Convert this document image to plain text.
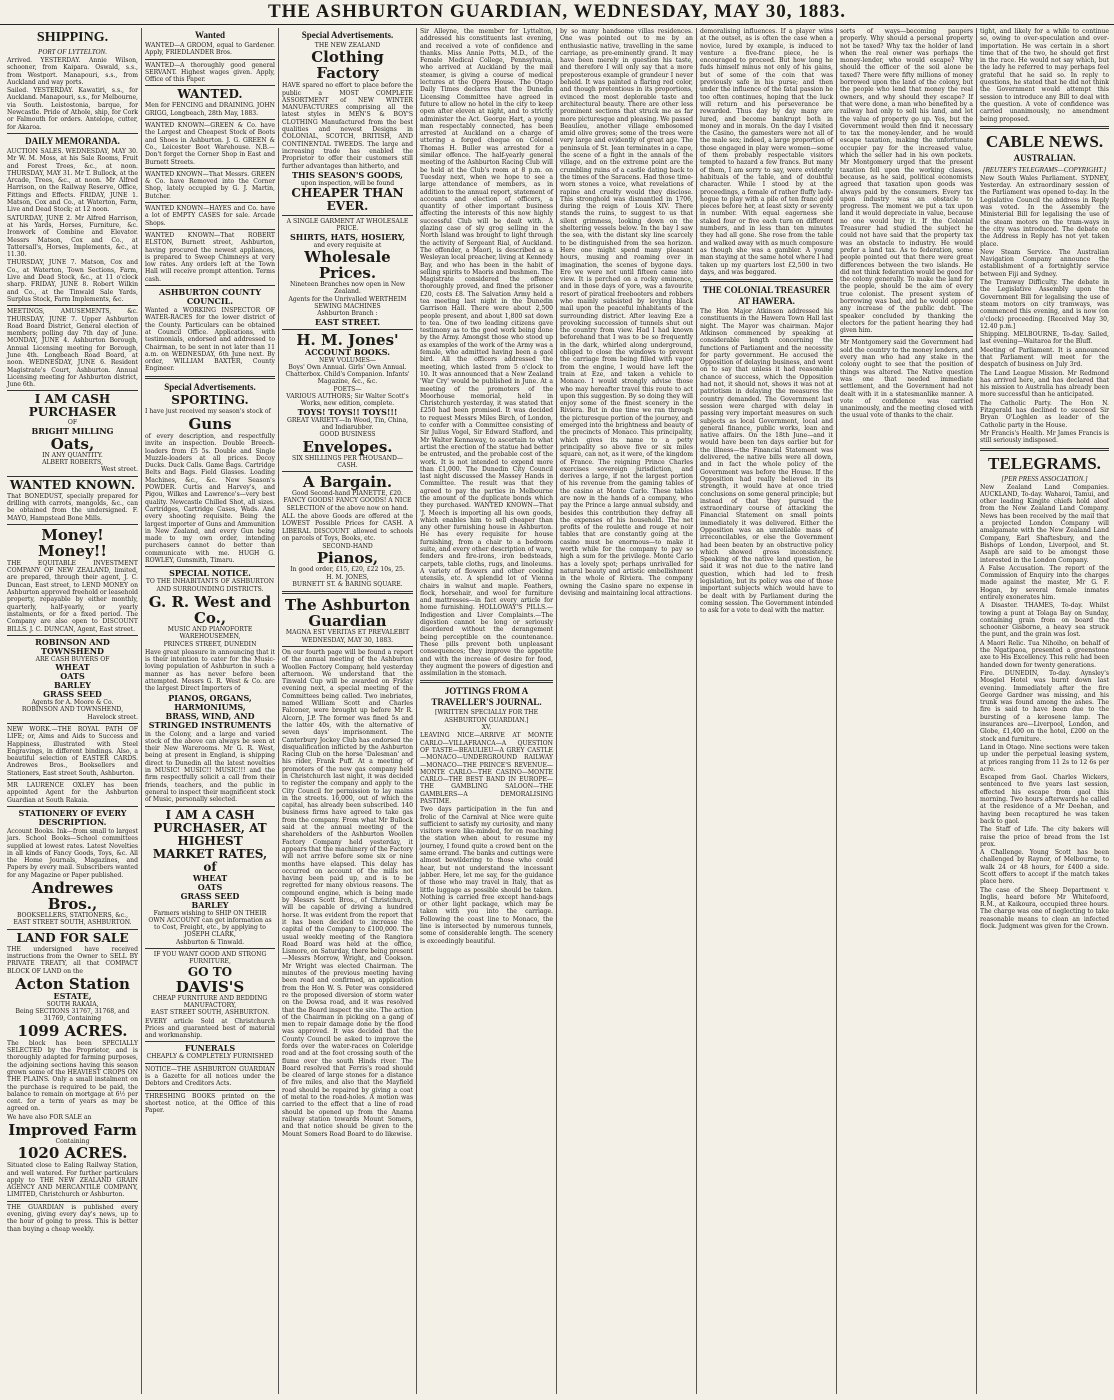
THE ASHBURTON GUARDIAN, WEDNESDAY, MAY 30, 1883.
SHIPPING.
PORT OF LYTTELTON.
Arrived. YESTERDAY. Annie Wilson, schooner, from Kaipara. Oswald, s.s., from Westport. Manapouri, s.s., from Auckland and way ports.
Sailed. YESTERDAY. Kawatiri, s.s., for Auckland. Manapouri, s.s., for Melbourne, via South. Leistostonia, barque, for Newcastle. Pride of Athole, ship, for Cork or Falmouth for orders. Antelope, cutter, for Akaroa.
DAILY MEMORANDA.
AUCTION SALES. WEDNESDAY, MAY 30. Mr W. M. Moss, at his Sale Rooms, Fruit and Forest Trees, &c., at noon. THURSDAY, MAY 31. Mr T. Bullock, at the Arcade, Trees, &c., at noon. Mr Alfred Harrison, on the Railway Reserve, Office, Fittings and Effects. FRIDAY, JUNE 1. Matson, Cox and Co., at Waterton, Farm, Live and Dead Stock; at 12 noon.
SATURDAY, JUNE 2. Mr Alfred Harrison, at his Yards, Horses, Furniture, &c. Ironwork of Combine and Elevator. Messrs Matson, Cox and Co., at Tattersall's, Horses, Implements, &c., at 11.30.
THURSDAY, JUNE 7. Matson, Cox and Co., at Waterton, Town Sections, Farm, Live and Dead Stock, &c., at 11 o'clock sharp. FRIDAY, JUNE 8. Robert Wilkin and Co., at the Tinwald Sale Yards, Surplus Stock, Farm Implements, &c.
MEETINGS, AMUSEMENTS, &c. THURSDAY, JUNE 7. Upper Ashburton Road Board District, General election of members; polling day 7th day of June. MONDAY, JUNE 4. Ashburton Borough, Annual Licensing meeting for Borough, June 4th. Longbeach Road Board, at noon. WEDNESDAY, JUNE 6. Resident Magistrate's Court, Ashburton. Annual Licensing meeting for Ashburton district, June 6th.
I AM CASH PURCHASER
OF
BRIGHT MILLING
Oats,
IN ANY QUANTITY.
ALBERT ROBERTS,
West street.
WANTED KNOWN.
That BONEDUST, specially prepared for drilling with carrots, mangolds, &c., can be obtained from the undersigned. F. MAYO, Hampstead Bone Mills.
Money! Money!!
THE EQUITABLE INVESTMENT COMPANY OF NEW ZEALAND, limited, are prepared, through their agent, J. C. Duncan, East street, to LEND MONEY on Ashburton approved freehold or leasehold property, repayable by either monthly, quarterly, half-yearly, or yearly instalments, or for a fixed period. The Company are also open to DISCOUNT BILLS. J. C. DUNCAN, Agent, East street.
ROBINSON AND TOWNSHEND
ARE CASH BUYERS OF
WHEAT
OATS
BARLEY
GRASS SEED
Agents for A. Moore & Co.
ROBINSON AND TOWNSHEND,
Havelock street.
NEW WORK.—THE ROYAL PATH OF LIFE; or, Aims and Aids to Success and Happiness, illustrated with Steel Engravings, in different bindings. Also, a beautiful selection of EASTER CARDS. Andrewes Bros., Booksellers and Stationers, East street South, Ashburton.
MR LAURENCE OXLEY has been appointed Agent for the Ashburton Guardian at South Rakaia.
STATIONERY OF EVERY DESCRIPTION.
Account Books. Ink—from small to largest jars. School Books—School committees supplied at lowest rates. Latest Novelties in all kinds of Fancy Goods, Toys, &c. All the Home Journals, Magazines, and Papers by every mail. Subscribers wanted for any Magazine or Paper published.
Andrewes Bros.,
BOOKSELLERS, STATIONERS, &c.,
EAST STREET SOUTH, ASHBURTON.
LAND FOR SALE
THE undersigned have received instructions from the Owner to SELL BY PRIVATE TREATY, all that COMPACT BLOCK OF LAND on the
Acton Station
ESTATE,
SOUTH RAKAIA,
Being SECTIONS 31767, 31768, and 31769, Containing
1099 ACRES.
The block has been SPECIALLY SELECTED by the Proprietor, and is thoroughly adapted for farming purposes, the adjoining sections having this season grown some of the HEAVIEST CROPS ON THE PLAINS. Only a small instalment on the purchase is required to be paid, the balance to remain on mortgage at 6½ per cent. for a term of years as may be agreed on.
We have also FOR SALE an
Improved Farm
Containing
1020 ACRES.
Situated close to Ealing Railway Station, and well watered. For further particulars apply to THE NEW ZEALAND GRAIN AGENCY AND MERCANTILE COMPANY, LIMITED, Christchurch or Ashburton.
THE GUARDIAN is published every evening, giving every day's news, up to the hour of going to press. This is better than buying a cheap weekly.
Wanted
WANTED—A GROOM, equal to Gardener. Apply, FRIEDLANDER Bros.
WANTED—A thoroughly good general SERVANT. Highest wages given. Apply, Office of this Paper.
WANTED.
Men for FENCING and DRAINING. JOHN GRIGG, Longbeach, 28th May, 1883.
WANTED KNOWN—GREEN & Co. have the Largest and Cheapest Stock of Boots and Shoes in Ashburton. J. G. GREEN & Co., Leicester Boot Warehouse. N.B.—Don't forget the Corner Shop in East and Burnett Streets.
WANTED KNOWN—That Messrs. GREEN & Co. have Removed into the Corner Shop, lately occupied by G. J. Martin, Butcher.
WANTED KNOWN—HAYES and Co. have a lot of EMPTY CASES for sale. Arcade Shops.
WANTED KNOWN—That ROBERT ELSTON, Burnett street, Ashburton, having procured the newest appliances, is prepared to Sweep Chimneys at very low rates. Any orders left at the Town Hall will receive prompt attention. Terms cash.
ASHBURTON COUNTY COUNCIL.
Wanted a WORKING INSPECTOR OF WATER-RACES for the lower district of the County. Particulars can be obtained at Council Office. Applications, with testimonials, endorsed and addressed to Chairman, to be sent in not later than 11 a.m. on WEDNESDAY, 6th June next. By order, WILLIAM BAXTER, County Engineer.
Special Advertisements.
SPORTING.
I have just received my season's stock of
Guns
of every description, and respectfully invite an inspection. Double Breech-loaders from £5 5s. Double and Single Muzzle-loaders at all prices. Decoy Ducks. Duck Calls. Game Bags. Cartridge Belts and Bags. Field Glasses. Loading Machines, &c., &c. New Season's POWDER. Curtis and Harvey's, and Pigou, Wilkes and Lawrence's—very best quality. Newcastle Chilled Shot, all sizes. Cartridges, Cartridge Cases, Wads. And every shooting requisite. Being the largest importer of Guns and Ammunition in New Zealand, and every Gun being made to my own order, intending purchasers cannot do better than communicate with me. HUGH G. ROWLEY, Gunsmith, Timaru.
SPECIAL NOTICE.
TO THE INHABITANTS OF ASHBURTON AND SURROUNDING DISTRICTS.
G. R. West and Co.,
MUSIC AND PIANOFORTE WAREHOUSEMEN,
PRINCES STREET, DUNEDIN
Have great pleasure in announcing that it is their intention to cater for the Music-loving population of Ashburton in such a manner as has never before been attempted. Messrs G. R. West & Co. are the largest Direct Importers of
PIANOS, ORGANS, HARMONIUMS,
BRASS, WIND, AND STRINGED INSTRUMENTS
in the Colony, and a large and varied stock of the above can always be seen at their New Warerooms. Mr G. R. West, being at present in England, is shipping direct to Dunedin all the latest novelties in MUSIC! MUSIC!! MUSIC!!! and the firm respectfully solicit a call from their friends, teachers, and the public in general to inspect their magnificent stock of Music, personally selected.
I AM A CASH PURCHASER, AT HIGHEST MARKET RATES, of
WHEAT
OATS
GRASS SEED
BARLEY
Farmers wishing to SHIP ON THEIR OWN ACCOUNT can get information as to Cost, Freight, etc., by applying to
JOSEPH CLARK,
Ashburton & Tinwald.
IF YOU WANT GOOD AND STRONG FURNITURE,
GO TO
DAVIS'S
CHEAP FURNITURE AND BEDDING MANUFACTORY,
EAST STREET SOUTH, ASHBURTON.
EVERY article Sold at Christchurch Prices and guaranteed best of material and workmanship.
FUNERALS
CHEAPLY & COMPLETELY FURNISHED
NOTICE—THE ASHBURTON GUARDIAN is a Gazette for all notices under the Debtors and Creditors Acts.
THRESHING BOOKS printed on the shortest notice, at the Office of this Paper.
Special Advertisements.
THE NEW ZEALAND
Clothing Factory
HAVE spared no effort to place before the public a MOST COMPLETE ASSORTMENT of NEW WINTER MANUFACTURES comprising all the latest styles in MEN'S & BOY'S CLOTHING Manufactured from the best qualities and newest Designs in COLONIAL, SCOTCH, BRITISH, AND CONTINENTAL TWEEDS. The large and increasing trade has enabled the Proprietor to offer their customers still further advantages than hitherto, and
THIS SEASON'S GOODS,
upon inspection, will be found
CHEAPER THAN EVER.
A SINGLE GARMENT AT WHOLESALE PRICE.
SHIRTS, HATS, HOSIERY,
and every requisite at
Wholesale Prices.
Nineteen Branches now open in New Zealand.
Agents for the Unrivalled WERTHEIM SEWING MACHINES
Ashburton Branch :
EAST STREET.
H. M. Jones'
ACCOUNT BOOKS.
NEW VOLUMES—
Boys' Own Annual. Girls' Own Annual. Chatterbox. Child's Companion. Infants' Magazine, &c., &c.
POETS—
VARIOUS AUTHORS; Sir Walter Scott's Works, new edition, complete.
TOYS! TOYS!! TOYS!!!
GREAT VARIETY—In Wood, Tin, China, and Indiarubber.
GOOD BUSINESS
Envelopes.
SIX SHILLINGS PER THOUSAND—CASH.
A Bargain.
Good Second-hand PIANETTE, £20.
FANCY GOODS! FANCY GOODS! A NICE SELECTION of the above now on hand.
ALL the above Goods are offered at the LOWEST Possible Prices for CASH. A LIBERAL DISCOUNT allowed to schools on parcels of Toys, Books, etc.
SECOND-HAND
Pianos,
In good order, £15, £20, £22 10s, 25.
H. M. JONES,
BURNETT ST. & BARING SQUARE.
The Ashburton Guardian
MAGNA EST VERITAS ET PREVALEBIT
WEDNESDAY, MAY 30, 1883.
On our fourth page will be found a report of the annual meeting of the Ashburton Woollen Factory Company, held yesterday afternoon. We understand that the Tinwald Cup will be awarded on Friday evening next, a special meeting of the Committees being called. Two inebriates, named William Scott and Charles Falconer, were brought up before Mr R. Alcorn, J.P. The former was fined 5s and the latter 40s, with the alternative of seven days' imprisonment. The Canterbury Jockey Club has endorsed the disqualification inflicted by the Ashburton Racing Club on the horse 'Dalesman' and his rider, Frank Puff. At a meeting of promoters of the new gas company held in Christchurch last night, it was decided to register the company and apply to the City Council for permission to lay mains in the streets. 16,000, out of which the capital, has already been subscribed. 140 business firms have agreed to take gas from the company. From what Mr Bullock said at the annual meeting of the shareholders of the Ashburton Woollen Factory Company held yesterday, it appears that the machinery of the Factory will not arrive before some six or nine months have elapsed. This delay has occurred on account of the mills not having been paid up, and is to be regretted for many obvious reasons. The compound engine, which is being made by Messrs Scott Bros., of Christchurch, will be capable of driving a hundred horse. It was evident from the report that it has been decided to increase the capital of the Company to £100,000. The usual weekly meeting of the Rangiora Road Board was held at the office, Lismore, on Saturday, there being present—Messrs Morrow, Wright, and Cookson. Mr Wright was elected Chairman. The minutes of the previous meeting having been read and confirmed, an application from the Hon W. S. Peter was considered re the proposed diversion of storm water on the Dowsa road, and it was resolved that the Board inspect the site. The action of the Chairman in picking on a gang of men to repair damage done by the flood was approved. It was decided that the County Council be asked to improve the fords over the water-races on Coleridge road and at the foot crossing south of the flume over the south Hinds river. The Board resolved that Ferris's road should be cleared of large stones for a distance of five miles, and also that the Mayfield road should be repaired by giving a coat of metal to the road-holes. A motion was carried to the effect that a line of road should be opened up from the Anama railway station towards Mount Somers, and that notice should be given to the Mount Somers Road Board to do likewise.
Sir Alleyne, the member for Lyttelton, addressed his constituents last evening, and received a vote of confidence and thanks. Miss Annie Potts, M.D., of the Female Medical College, Pennsylvania, who arrived at Auckland by the mail steamer, is giving a course of medical lectures at the Opera House. The Otago Daily Times declares that the Dunedin Licensing Committee have agreed in future to allow no hotel in the city to keep open after eleven at night, and to strictly administer the Act. George Hart, a young man respectably connected, has been arrested at Auckland on a charge of uttering a forged cheque on Colonel Thomas H. Buller was arrested for a similar offence. The half-yearly general meeting of the Ashburton Racing Club will be held at the Club's room at 8 p.m. on Tuesday next, when we hope to see a large attendance of members, as in addition to the annual report, statement of accounts and election of officers, a quantity of other important business affecting the interests of this now highly successful Club will be dealt with. A glazing case of sly grog selling in the North Island was brought to light through the activity of Sergeant Rial, of Auckland. The offender, a Maori, is described as a Wesleyan local preacher, living at Kennedy Bay, and who has been in the habit of selling spirits to Maoris and bushmen. The Magistrate considered the offence thoroughly proved, and fined the prisoner £20, costs £8. The Salvation Army held a tea meeting last night in the Dunedin Garrison Hall. There were about 2,500 people present, and about 1,800 sat down to tea. One of two leading citizens gave testimony as to the good work being done by the Army. Amongst those who stood up as examples of the work of the Army was a female, who admitted having been a gaol bird. All the officers addressed the meeting, which lasted from 5 o'clock to 10. It was announced that a New Zealand 'War Cry' would be published in June. At a meeting of the promoters of the Moorhouse memorial, held in Christchurch yesterday, it was stated that £250 had been promised. It was decided to request Messrs Miles Birch, of London, to confer with a Committee consisting of Sir Julius Vogel, Sir Edward Stafford, and Mr Walter Kennaway, to ascertain to what artist the erection of the statue had better be entrusted, and the probable cost of the work. It is not intended to expend more than £1,000. The Dunedin City Council last night discussed the Massey Hands in Committee. The result was that they agreed to pay the parties in Melbourne the amount of the duplicate bonds which they purchased. WANTED KNOWN—That 'J. Meech is importing all his own goods, which enables him to sell cheaper than any other furnishing house in Ashburton. He has every requisite for house furnishing, from a chair to a bedroom suite, and every other description of ware, fenders and fire-irons, iron bedsteads, carpets, table cloths, rugs, and linoleums. A variety of flowers and other cooking utensils, etc. A splendid lot of Vienna chairs in walnut and maple. Feathers, flock, horsehair, and wool for furniture and mattresses—in fact every article for home furnishing. HOLLOWAY'S PILLS.—Indigestion and Liver Complaints.—The digestion cannot be long or seriously disordered without the derangement being perceptible on the countenance. These pills prevent both unpleasant consequences; they improve the appetite and with the increase of desire for food, they augment the powers of digestion and assimilation in the stomach.
JOTTINGS FROM A TRAVELLER'S JOURNAL.
[WRITTEN SPECIALLY FOR THE ASHBURTON GUARDIAN.]
XV.
LEAVING NICE—ARRIVE AT MONTE CARLO—VILLAFRANCA—A QUESTION OF TASTE—BEAULIEU—A GREY CASTLE—MONACO—UNDERGROUND RAILWAY—MONACO—THE PRINCE'S REVENUE—MONTE CARLO—THE CASINO—MONTE CARLO—THE BEST BAND IN EUROPE—THE GAMBLING SALOON—THE GAMBLERS—A DEMORALISING PASTIME.
Two days participation in the fun and frolic of the Carnival at Nice were quite sufficient to satisfy my curiosity, and many visitors were like-minded, for on reaching the station when about to resume my journey, I found quite a crowd bent on the same errand. The banks and cuttings were almost bewildering to those who could hear, but not understand the incessant jabber. Here, let me say, for the guidance of those who may travel in Italy, that as little luggage as possible should be taken. Nothing is carried free except hand-bags or other light package, which may be taken with you into the carriage. Following the coast line to Monaco, the line is intersected by numerous tunnels, some of considerable length. The scenery is exceedingly beautiful.
by so many handsome villas residences. One was pointed out to me by an enthusiastic native, travelling in the same carriage, as pre-eminently grand. It may have been merely in question his taste, and therefore I will only say that a more preposterous example of grandeur I never beheld. It was painted a flaring red color, and though pretentious in its proportions, evinced the most deplorable taste and architectural beauty. There are other less prominent sections that struck me as far more picturesque and pleasing. We passed Beaulieu, another village embosomed amid olive groves; some of the trees were very large and evidently of great age. The peninsula of St. Jean terminates in a cape, the scene of a fight in the annals of the village, and on the extreme point are the crumbling ruins of a castle dating back to the times of the Saracens. Had those time-worn stones a voice, what revelations of rapine and cruelty would they disclose. This stronghold was dismantled in 1706, during the reign of Louis XIV. There stands the ruins, to suggest to us that silent grimness, looking down on the sheltering vessels below. In the bay I saw the sea, with the distant sky line scarcely to be distinguished from the sea horizon. Here one might spend many pleasant hours, musing and roaming over in imagination, the scenes of bygone days. Ere we were not until fifteen came into view. It is perched on a rocky eminence, and in those days of yore, was a favourite resort of piratical freebooters and robbers who mainly subsisted by levying black mail upon the peaceful inhabitants of the surrounding district. After leaving Eze a provoking succession of tunnels shut out the country from view. Had I had known beforehand that I was to be so frequently in the dark, whirled along underground, obliged to close the windows to prevent the carriage from being filled with vapor from the engine, I would have left the train at Eze, and taken a vehicle to Monaco. I would strongly advise those who may hereafter travel this route to act upon this suggestion. By so doing they will enjoy some of the finest scenery in the Riviera. But in due time we ran through the picturesque portion of the journey, and emerged into the brightness and beauty of the precincts of Monaco. This principality, which gives its name to a petty principality so above five or six miles square, can not, as it were, of the kingdom of France. The reigning Prince Charles exercises sovereign jurisdiction, and derives a large, if not the largest portion of his revenue from the gaming tables of the casino at Monte Carlo. These tables are now in the hands of a company, who pay the Prince a large annual subsidy, and besides this contribution they defray all the expenses of his household. The net profits of the roulette and rouge et noir tables that are constantly going at the casino must be enormous—to make it worth while for the company to pay so high a sum for the privilege. Monte Carlo has a lovely spot; perhaps unrivalled for natural beauty and artistic embellishment in the whole of Riviera. The company owning the Casino spare no expense in devising and maintaining local attractions.
demoralising influences. If a player wins at the outset, as is often the case when a novice, lured by example, is induced to venture a five-franc piece, he is encouraged to proceed. But how long he fuds himself minus not only of his gains, but of some of the coin that was previously safe in his purse; and then under the influence of the fatal passion he too often continues, hoping that the luck will return and his perseverance be rewarded. Thus day by day many are lured, and become bankrupt both in money and in morals. On the day I visited the Casino, the gamesters were not all of the male sex; indeed, a large proportion of those engaged in play were women—some of them probably respectable visitors tempted to hazard a few francs. But many of them, I am sorry to say, were evidently habituals of the table, and of doubtful character. While I stood by at the proceedings, a female of rather fluffy lady-hogue to play with a pile of ten franc gold pieces before her, at least sixty or seventy in number. With equal eagerness she staked four or five each turn on different numbers, and in less than ten minutes they had all gone. She rose from the table and walked away with as much composure as though she was a gambler. A young man staying at the same hotel where I had taken up my quarters lost £2,500 in two days, and was beggared.
THE COLONIAL TREASURER AT HAWERA.
The Hon Major Atkinson addressed his constituents in the Hawera Town Hall last night. The Mayor was chairman. Major Atkinson commenced by speaking at considerable length concerning the functions of Parliament and the necessity for party government. He accused the Opposition of delaying business, and went on to say that unless it had reasonable chance of success, which the Opposition had not, it should not, shows it was not at patriotism in delaying the measures the country demanded. The Government last session were charged with delay in passing very important measures on such subjects as local Government, local and general finance, public works, loan and native affairs. On the 18th June—and it would have been ten days earlier but for the illness—the Financial Statement was delivered, the native bills were all down, and in fact the whole policy of the Government was before the House. If the Opposition had really believed in its strength, it would have at once tried conclusions on some general principle; but instead of that they pursued the extraordinary course of attacking the Financial Statement on small points immediately it was delivered. Either the Opposition was an unreliable mass of irreconcilables, or else the Government had been beaten by an obstructive policy which showed gross inconsistency. Speaking of the native land question, he said it was not due to the native land question, which had led to fresh legislation, but its policy was one of those important subjects which would have to be dealt with by Parliament during the coming session. The Government intended to ask for a vote to deal with the matter.
sorts of ways—becoming paupers properly. Why should a personal property not be taxed? Why tax the holder of land when the real owner was perhaps the money-lender, who would escape? Why should the officer of the soil alone be taxed? There were fifty millions of money borrowed upon the land of the colony, but the people who lend that money the real owners, and why should they escape? If that were done, a man who benefited by a railway had only to sell his land, and let the value of property go up. Yes, but the Government would then find it necessary to tax the money-lender, and he would escape taxation, making the unfortunate occupier pay for the increased value, which the seller had in his own pockets. Mr Montgomery urged that the present taxation fell upon the working classes, because, as he said, political economists agreed that taxation upon goods was always paid by the consumers. Every tax upon industry was an obstacle to progress. The moment we put a tax upon land it would depreciate in value, because no one would buy it. If the Colonial Treasurer had studied the subject he could not have said that the property tax was an obstacle to industry. He would prefer a land tax. As to federation, some people pointed out that there were great differences between the two islands. He did not think federation would be good for the colony generally. To make the land for the people, should be the aim of every true colonist. The present system of borrowing was bad, and he would oppose any increase of the public debt. The speaker concluded by thanking the electors for the patient hearing they had given him.
Mr Montgomery said the Government had sold the country to the money lenders, and every man who had any stake in the colony ought to see that the position of things was altered. The Native question was one that needed immediate settlement, and the Government had not dealt with it in a statesmanlike manner. A vote of confidence was carried unanimously, and the meeting closed with the usual vote of thanks to the chair.
tight, and likely for a while to continue so, owing to over-speculation and over-importation. He was certain in a short time that of the two, he should get first in the race. He would not say which, but the lady he referred to may perhaps feel grateful that he said so. In reply to questions, he stated that he did not think the Government would attempt this session to introduce any Bill to deal with the question. A vote of confidence was carried unanimously, no amendment being proposed.
CABLE NEWS.
AUSTRALIAN.
[REUTER'S TELEGRAMS—COPYRIGHT.]
New South Wales Parliament. SYDNEY, Yesterday. An extraordinary session of the Parliament was opened to-day. In the Legislative Council the address in Reply was voted. In the Assembly the Ministerial Bill for legalising the use of the steam motors on the tram-ways in the city was introduced. The debate on the Address in Reply has not yet taken place.
New Steam Service. The Australian Navigation Company announce the establishment of a fortnightly service between Fiji and Sydney.
The Tramway Difficulty. The debate in the Legislative Assembly upon the Government Bill for legalising the use of steam motors on city tramways, was commenced this evening, and is now (on o'clock) proceeding. [Received May 30, 12.40 p.m.]
Shipping. MELBOURNE, To-day. Sailed, last evening—Waitaroa for the Bluff.
Meeting of Parliament. It is announced that Parliament will meet for the despatch of business on July 3rd.
The Land League Mission. Mr Redmond has arrived here, and has declared that his mission to Australia has already been more successful than he anticipated.
The Catholic Party. The Hon N. Fitzgerald has declined to succeed Sir Bryan O'Loghlen as leader of the Catholic party in the House.
Mr Francis's Health. Mr James Francis is still seriously indisposed.
TELEGRAMS.
[PER PRESS ASSOCIATION.]
New Zealand Land Companies. AUCKLAND, To-day. Waharoi, Tamui, and other leading Kingite chiefs hold aloof from the New Zealand Land Company. News has been received by the mail that a projected London Company will amalgamate with the New Zealand Land Company, Earl Shaftesbury, and the Bishops of London, Liverpool, and St. Asaph are said to be amongst those interested in the London Company.
A False Accusation. The report of the Commission of Enquiry into the charges made against the master, Mr G. F. Hogan, by several female inmates entirely exonerates him.
A Disaster. THAMES, To-day. Whilst towing a punt at Tolaga Bay on Sunday, containing grain from on board the schooner Gisborne, a heavy sea struck the punt, and the grain was lost.
A Maori Relic. Tua Nihoiho, on behalf of the Ngatipaoa, presented a greenstone axe to His Excellency. This relic had been handed down for twenty generations.
Fire. DUNEDIN, To-day. Aynsley's Mosgiel Hotel was burnt down last evening. Immediately after the fire George Gardner was missing, and his trunk was found among the ashes. The fire is said to have been due to the bursting of a kerosene lamp. The insurances are—Liverpool, London, and Globe, £1,400 on the hotel, £200 on the stock and furniture.
Land in Otago. Nine sections were taken up under the perpetual leasing system, at prices ranging from 11 2s to 12 6s per acre.
Escaped from Gaol. Charles Wickers, sentenced to five years last session, effected his escape from gaol this morning. Two hours afterwards he called at the residence of a Mr Deehan, and having been recaptured he was taken back to gaol.
The Staff of Life. The city bakers will raise the price of bread from the 1st prox.
A Challenge. Young Scott has been challenged by Raynor, of Melbourne, to walk 24 or 48 hours, for £400 a side. Scott offers to accept if the match takes place here.
The case of the Sheep Department v. Inglis, heard before Mr Whitefoord, R.M., at Kaikoura, occupied three hours. The charge was one of neglecting to take reasonable means to clean an infected flock. Judgment was given for the Crown.
